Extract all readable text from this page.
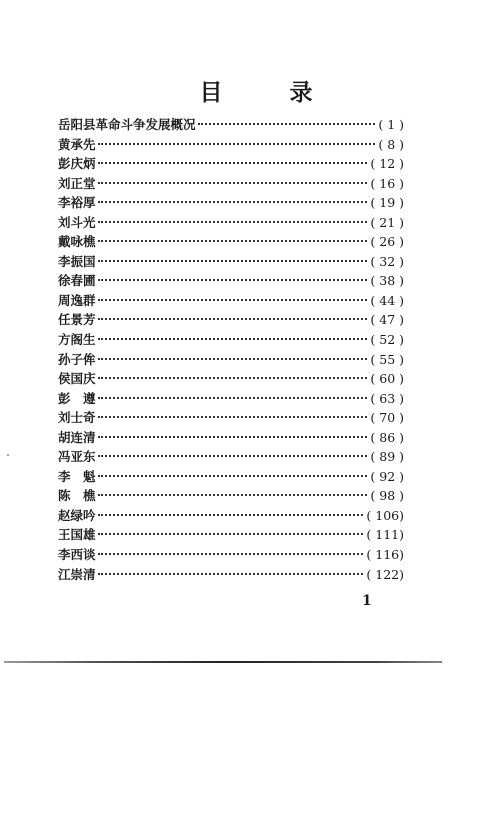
目　录
岳阳县革命斗争发展概况	( 1 )
黄承先	( 8 )
彭庆炳	( 12 )
刘正堂	( 16 )
李裕厚	( 19 )
刘斗光	( 21 )
戴咏樵	( 26 )
李振国	( 32 )
徐春圃	( 38 )
周逸群	( 44 )
任景芳	( 47 )
方阁生	( 52 )
孙子侔	( 55 )
侯国庆	( 60 )
彭　遵	( 63 )
刘士奇	( 70 )
胡连清	( 86 )
冯亚东	( 89 )
李　魁	( 92 )
陈　樵	( 98 )
赵绿吟	( 106)
王国雄	( 111)
李西谈	( 116)
江崇清	( 122)
1
